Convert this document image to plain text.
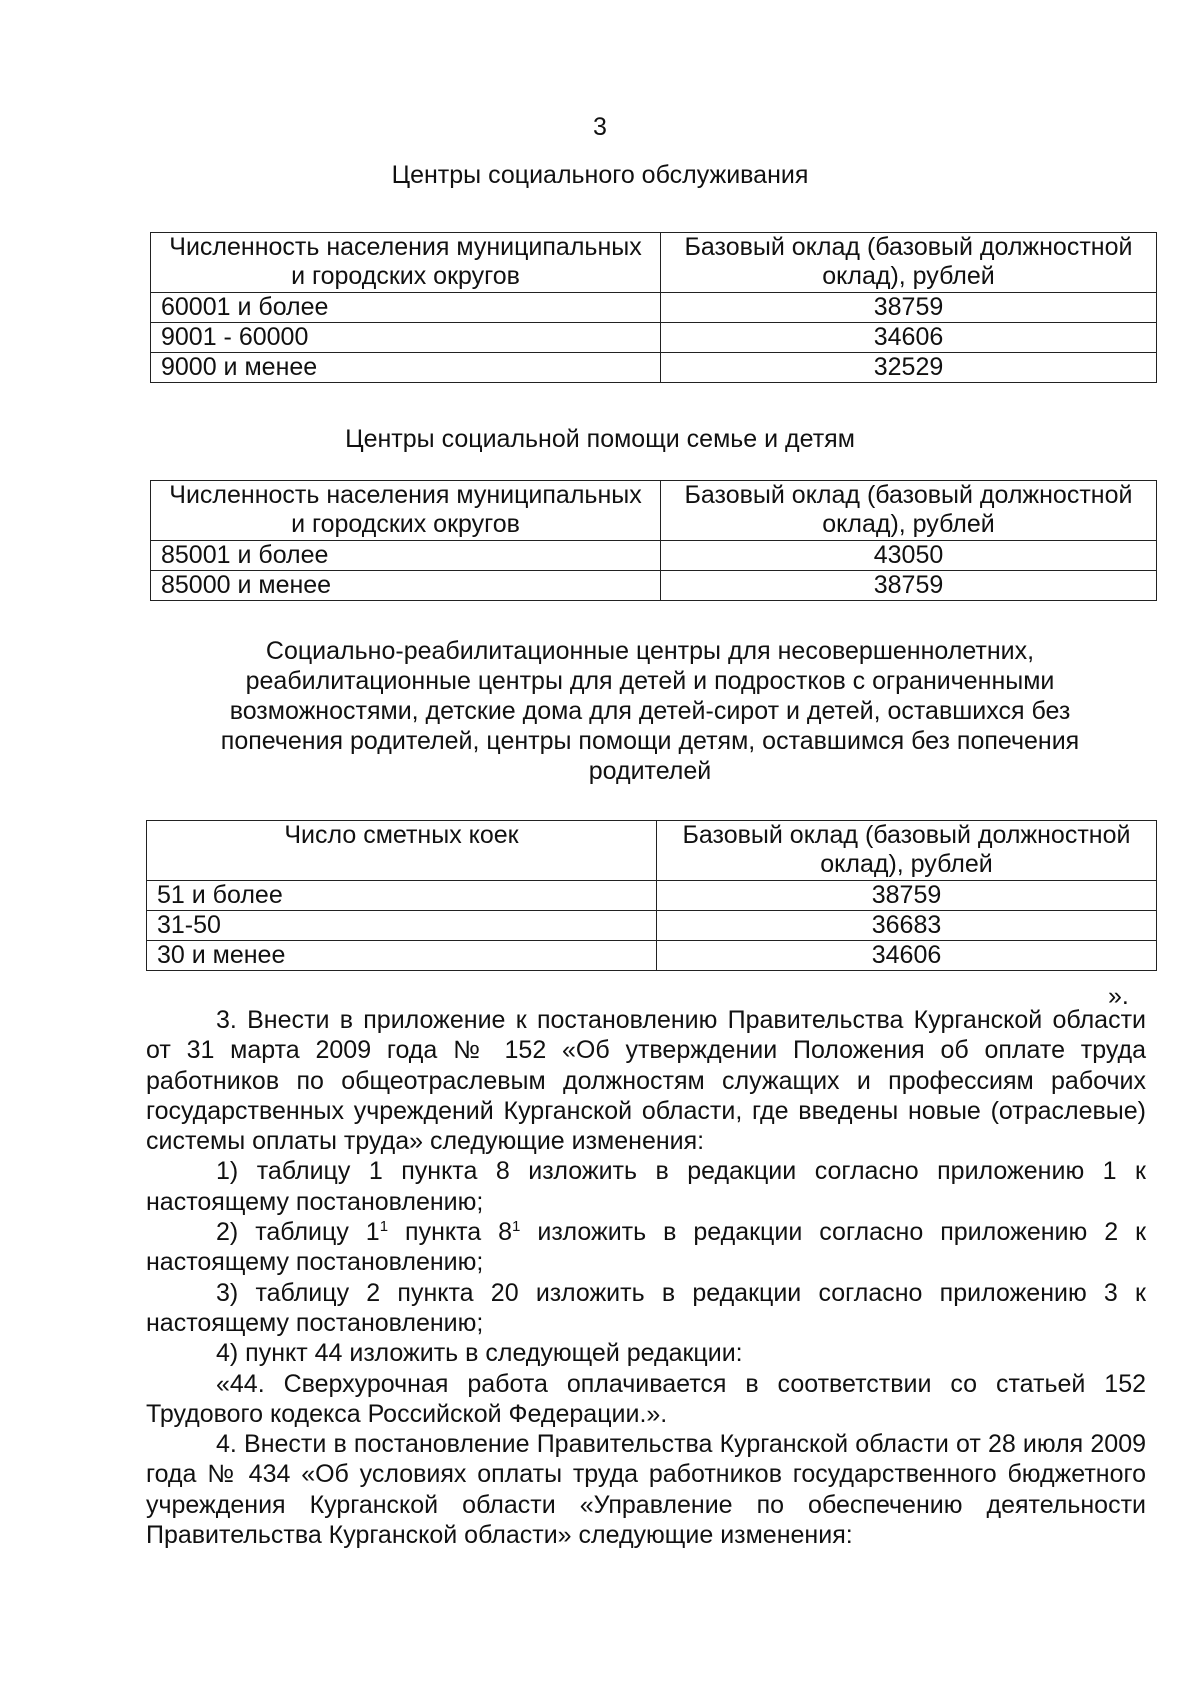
3
Центры социального обслуживания
Численность населения муниципальных и городских округов	Базовый оклад (базовый должностной оклад), рублей
60001 и более	38759
9001 - 60000	34606
9000 и менее	32529
Центры социальной помощи семье и детям
Численность населения муниципальных и городских округов	Базовый оклад (базовый должностной оклад), рублей
85001 и более	43050
85000 и менее	38759
Социально-реабилитационные центры для несовершеннолетних, реабилитационные центры для детей и подростков с ограниченными возможностями, детские дома для детей-сирот и детей, оставшихся без попечения родителей, центры помощи детям, оставшимся без попечения родителей
Число сметных коек	Базовый оклад (базовый должностной оклад), рублей
51 и более	38759
31-50	36683
30 и менее	34606
».

3. Внести в приложение к постановлению Правительства Курганской области от 31 марта 2009 года № 152 «Об утверждении Положения об оплате труда работников по общеотраслевым должностям служащих и профессиям рабочих государственных учреждений Курганской области, где введены новые (отраслевые) системы оплаты труда» следующие изменения:

1) таблицу 1 пункта 8 изложить в редакции согласно приложению 1 к настоящему постановлению;

2) таблицу $1^1$ пункта $8^1$ изложить в редакции согласно приложению 2 к настоящему постановлению;

3) таблицу 2 пункта 20 изложить в редакции согласно приложению 3 к настоящему постановлению;

4) пункт 44 изложить в следующей редакции:

«44. Сверхурочная работа оплачивается в соответствии со статьей 152 Трудового кодекса Российской Федерации.».

4. Внести в постановление Правительства Курганской области от 28 июля 2009 года № 434 «Об условиях оплаты труда работников государственного бюджетного учреждения Курганской области «Управление по обеспечению деятельности Правительства Курганской области» следующие изменения:
